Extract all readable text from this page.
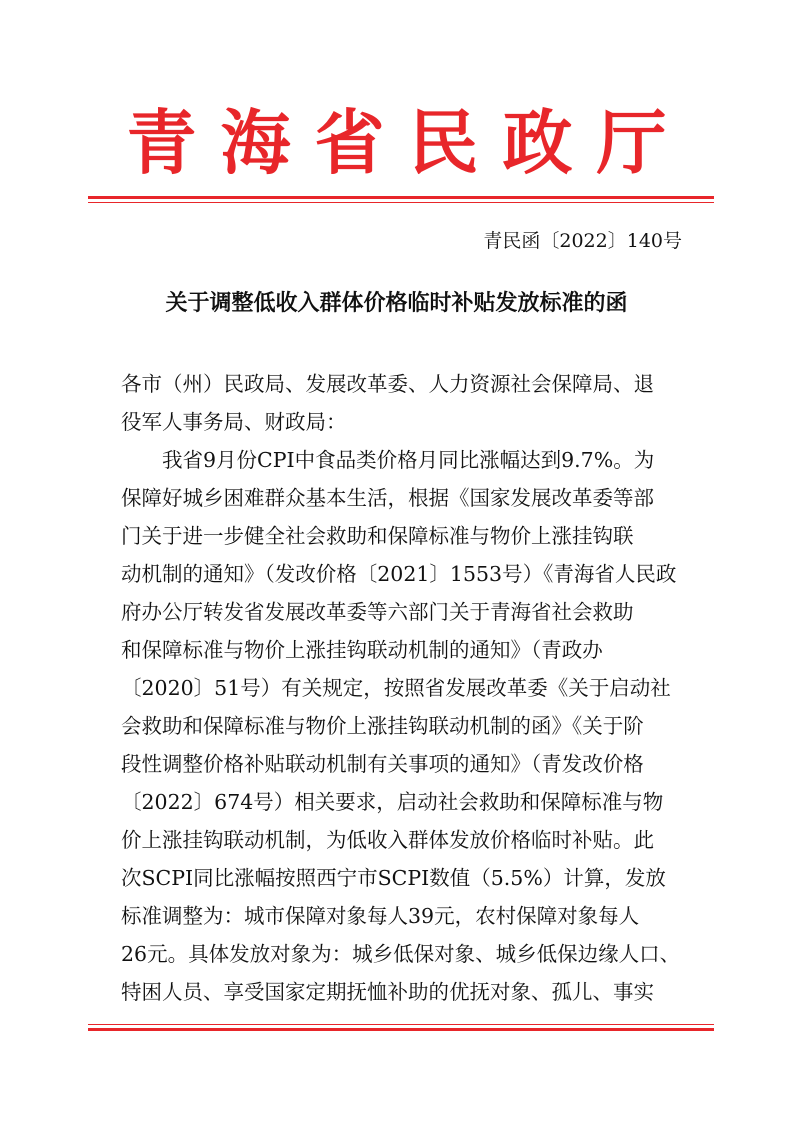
青海省民政厅
青民函〔2022〕140号
关于调整低收入群体价格临时补贴发放标准的函
各市（州）民政局、发展改革委、人力资源社会保障局、退
役军人事务局、财政局：
　　我省9月份CPI中食品类价格月同比涨幅达到9.7%。为
保障好城乡困难群众基本生活，根据《国家发展改革委等部
门关于进一步健全社会救助和保障标准与物价上涨挂钩联
动机制的通知》（发改价格〔2021〕1553号）《青海省人民政
府办公厅转发省发展改革委等六部门关于青海省社会救助
和保障标准与物价上涨挂钩联动机制的通知》（青政办
〔2020〕51号）有关规定，按照省发展改革委《关于启动社
会救助和保障标准与物价上涨挂钩联动机制的函》《关于阶
段性调整价格补贴联动机制有关事项的通知》（青发改价格
〔2022〕674号）相关要求，启动社会救助和保障标准与物
价上涨挂钩联动机制，为低收入群体发放价格临时补贴。此
次SCPI同比涨幅按照西宁市SCPI数值（5.5%）计算，发放
标准调整为：城市保障对象每人39元，农村保障对象每人
26元。具体发放对象为：城乡低保对象、城乡低保边缘人口、
特困人员、享受国家定期抚恤补助的优抚对象、孤儿、事实
